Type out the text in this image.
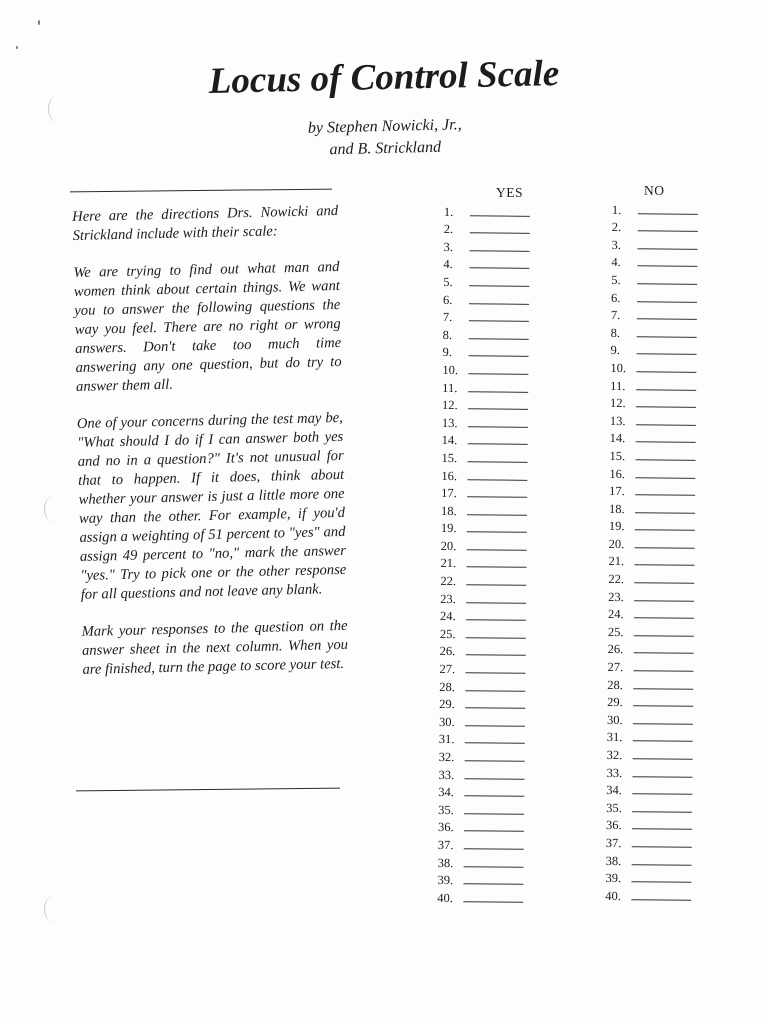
Locus of Control Scale
by Stephen Nowicki, Jr.,
and B. Strickland

Here are the directions Drs. Nowicki and Strickland include with their scale:

We are trying to find out what man and women think about certain things. We want you to answer the following questions the way you feel. There are no right or wrong answers. Don't take too much time answering any one question, but do try to answer them all.

One of your concerns during the test may be, "What should I do if I can answer both yes and no in a question?" It's not unusual for that to happen. If it does, think about whether your answer is just a little more one way than the other. For example, if you'd assign a weighting of 51 percent to "yes" and assign 49 percent to "no," mark the answer "yes." Try to pick one or the other response for all questions and not leave any blank.

Mark your responses to the question on the answer sheet in the next column. When you are finished, turn the page to score your test.

YES	NO
1.
2.
3.
4.
5.
6.
7.
8.
9.
10.
11.
12.
13.
14.
15.
16.
17.
18.
19.
20.
21.
22.
23.
24.
25.
26.
27.
28.
29.
30.
31.
32.
33.
34.
35.
36.
37.
38.
39.
40.
1.
2.
3.
4.
5.
6.
7.
8.
9.
10.
11.
12.
13.
14.
15.
16.
17.
18.
19.
20.
21.
22.
23.
24.
25.
26.
27.
28.
29.
30.
31.
32.
33.
34.
35.
36.
37.
38.
39.
40.
